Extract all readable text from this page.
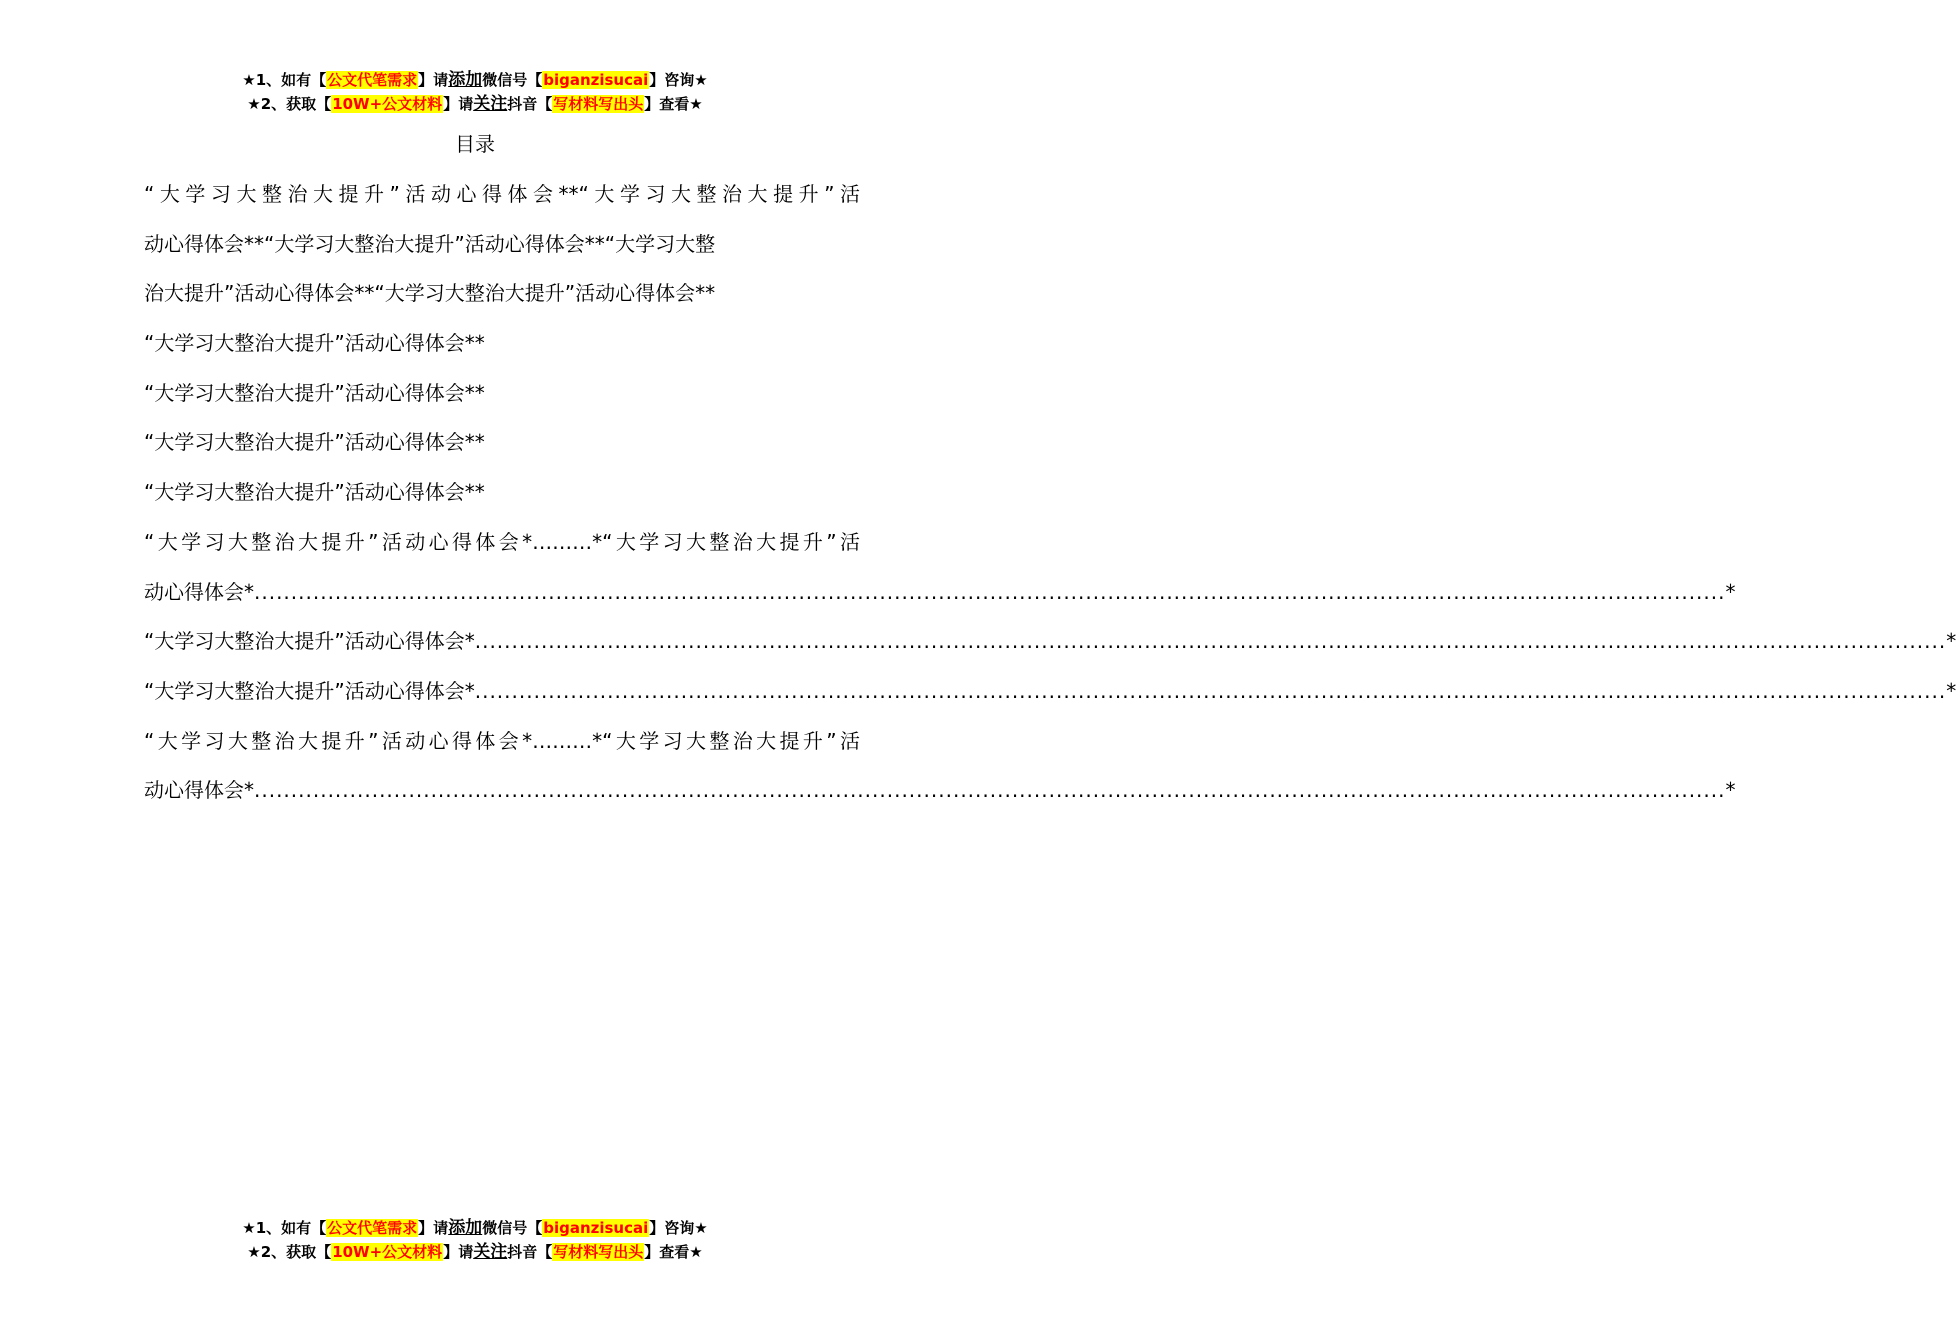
★1、如有【公文代笔需求】请添加微信号【biganzisucai】咨询★
★2、获取【10W+公文材料】请关注抖音【写材料写出头】查看★
目录
“大学习大整治大提升”活动心得体会**“大学习大整治大提升”活
动心得体会**“大学习大整治大提升”活动心得体会**“大学习大整
治大提升”活动心得体会**“大学习大整治大提升”活动心得体会**
“大学习大整治大提升”活动心得体会**
“大学习大整治大提升”活动心得体会**
“大学习大整治大提升”活动心得体会**
“大学习大整治大提升”活动心得体会**
“大学习大整治大提升”活动心得体会*………*“大学习大整治大提升”活
动心得体会* ........................................................................................................................................................................................................ *
“大学习大整治大提升”活动心得体会* ........................................................................................................................................................................................................ *
“大学习大整治大提升”活动心得体会* ........................................................................................................................................................................................................ *
“大学习大整治大提升”活动心得体会*………*“大学习大整治大提升”活
动心得体会* ........................................................................................................................................................................................................ *
★1、如有【公文代笔需求】请添加微信号【biganzisucai】咨询★
★2、获取【10W+公文材料】请关注抖音【写材料写出头】查看★
